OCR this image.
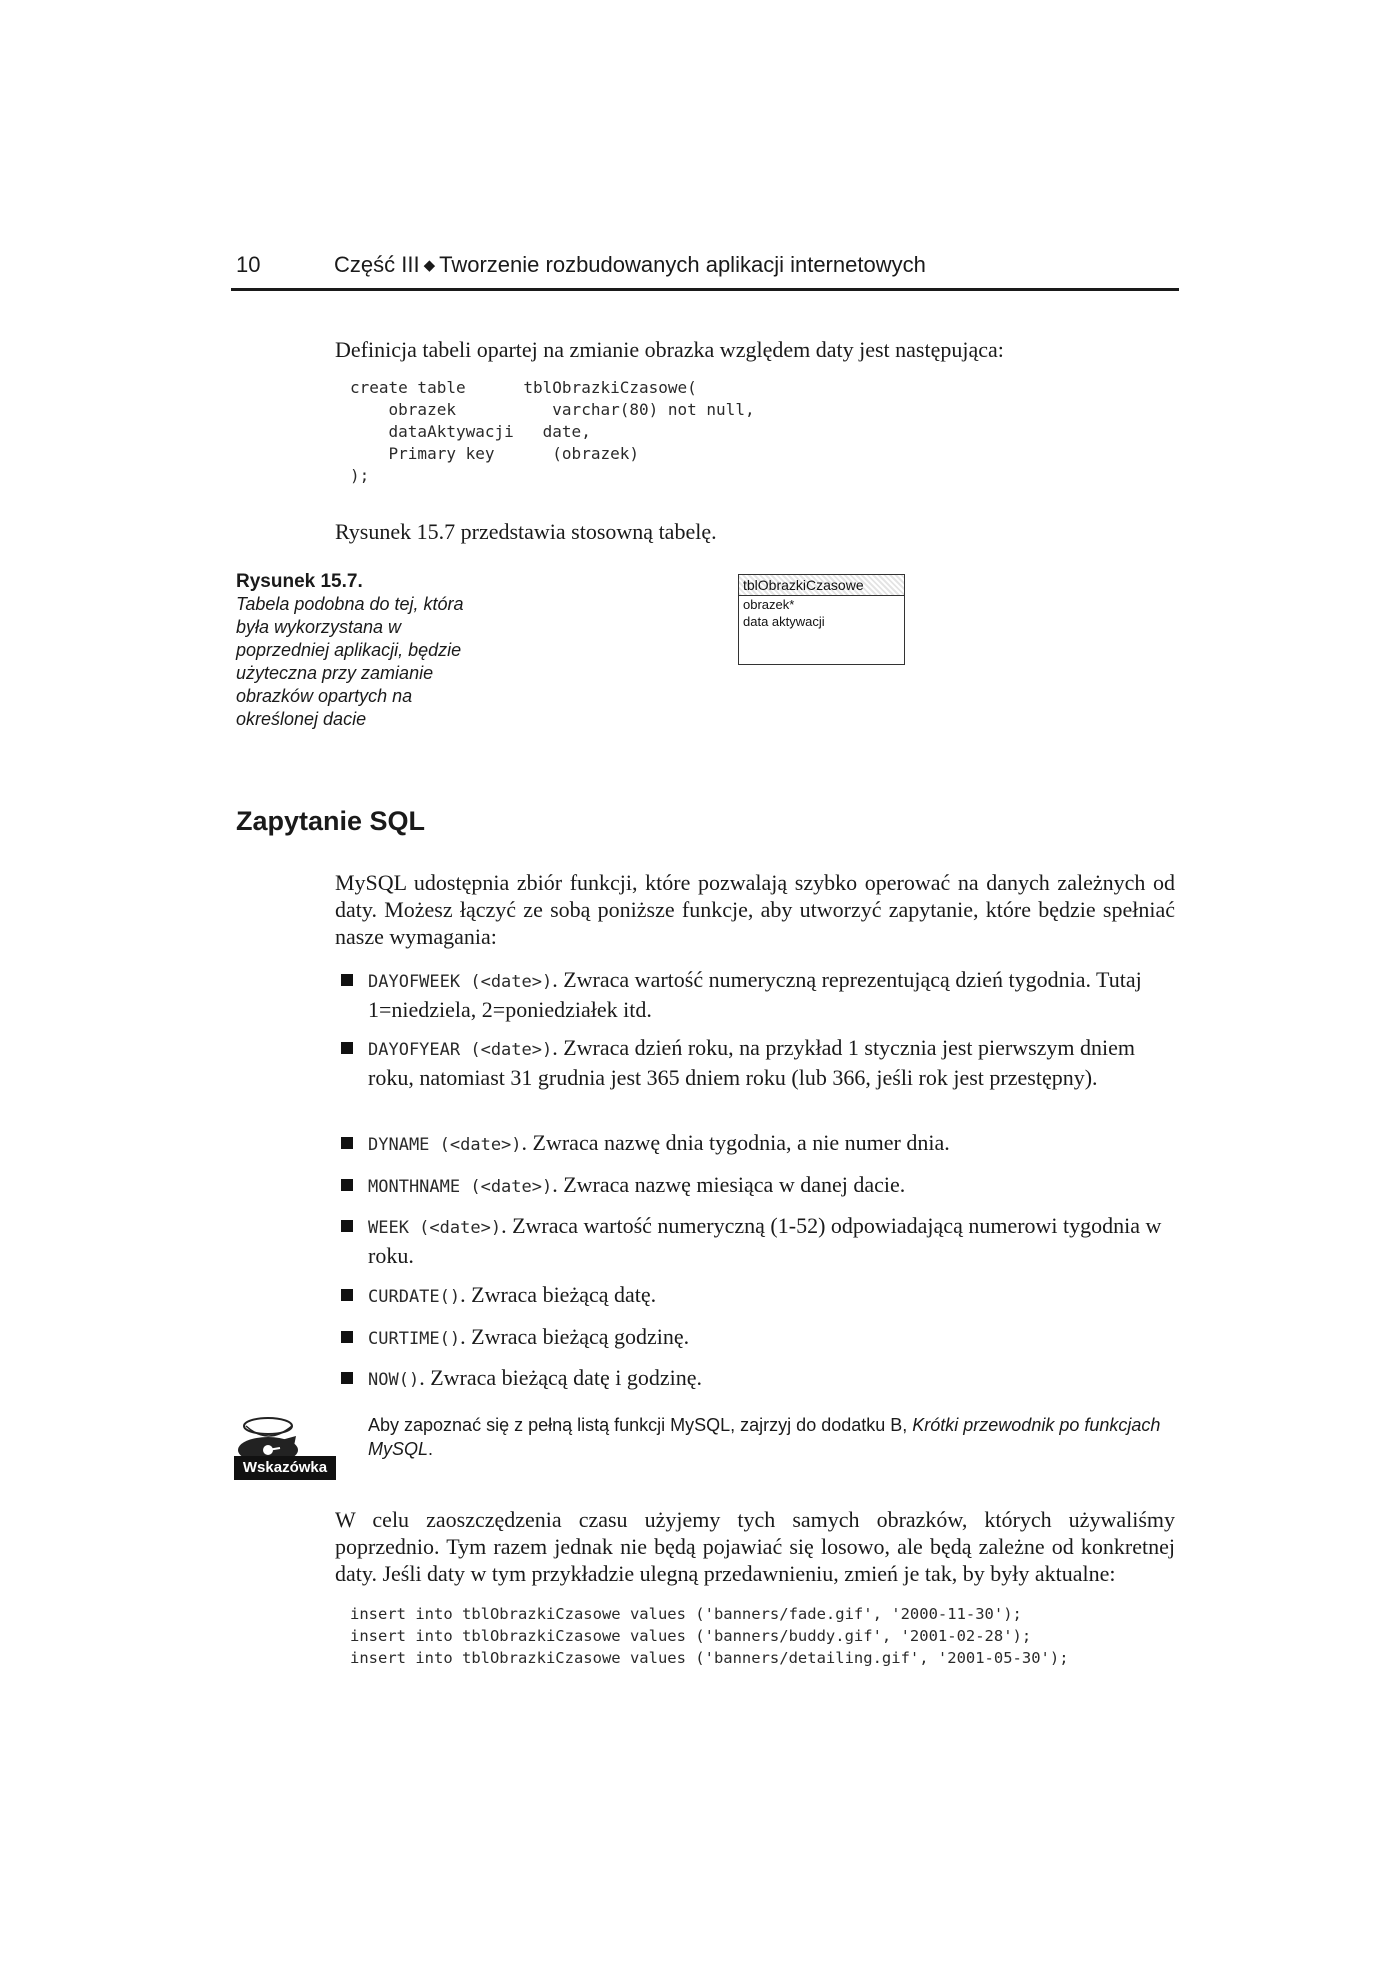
10	Część III ◆ Tworzenie rozbudowanych aplikacji internetowych

Definicja tabeli opartej na zmianie obrazka względem daty jest następująca:

create table      tblObrazkiCzasowe(
obrazek          varchar(80) not null,
dataAktywacji   date,
Primary key      (obrazek)
);

Rysunek 15.7 przedstawia stosowną tabelę.

Rysunek 15.7.
Tabela podobna do tej, która była wykorzystana w poprzedniej aplikacji, będzie użyteczna przy zamianie obrazków opartych na określonej dacie
tblObrazkiCzasowe
obrazek*
data aktywacji
Zapytanie SQL

MySQL udostępnia zbiór funkcji, które pozwalają szybko operować na danych zależnych od daty. Możesz łączyć ze sobą poniższe funkcje, aby utworzyć zapytanie, które będzie spełniać nasze wymagania:

DAYOFWEEK (<date>). Zwraca wartość numeryczną reprezentującą dzień tygodnia. Tutaj 1=niedziela, 2=poniedziałek itd.
DAYOFYEAR (<date>). Zwraca dzień roku, na przykład 1 stycznia jest pierwszym dniem roku, natomiast 31 grudnia jest 365 dniem roku (lub 366, jeśli rok jest przestępny).
DYNAME (<date>). Zwraca nazwę dnia tygodnia, a nie numer dnia.
MONTHNAME (<date>). Zwraca nazwę miesiąca w danej dacie.
WEEK (<date>). Zwraca wartość numeryczną (1-52) odpowiadającą numerowi tygodnia w roku.
CURDATE(). Zwraca bieżącą datę.
CURTIME(). Zwraca bieżącą godzinę.
NOW(). Zwraca bieżącą datę i godzinę.
Wskazówka
Aby zapoznać się z pełną listą funkcji MySQL, zajrzyj do dodatku B, Krótki przewodnik po funkcjach MySQL.

W celu zaoszczędzenia czasu użyjemy tych samych obrazków, których używaliśmy poprzednio. Tym razem jednak nie będą pojawiać się losowo, ale będą zależne od konkretnej daty. Jeśli daty w tym przykładzie ulegną przedawnieniu, zmień je tak, by były aktualne:

insert into tblObrazkiCzasowe values ('banners/fade.gif', '2000-11-30');
insert into tblObrazkiCzasowe values ('banners/buddy.gif', '2001-02-28');
insert into tblObrazkiCzasowe values ('banners/detailing.gif', '2001-05-30');
